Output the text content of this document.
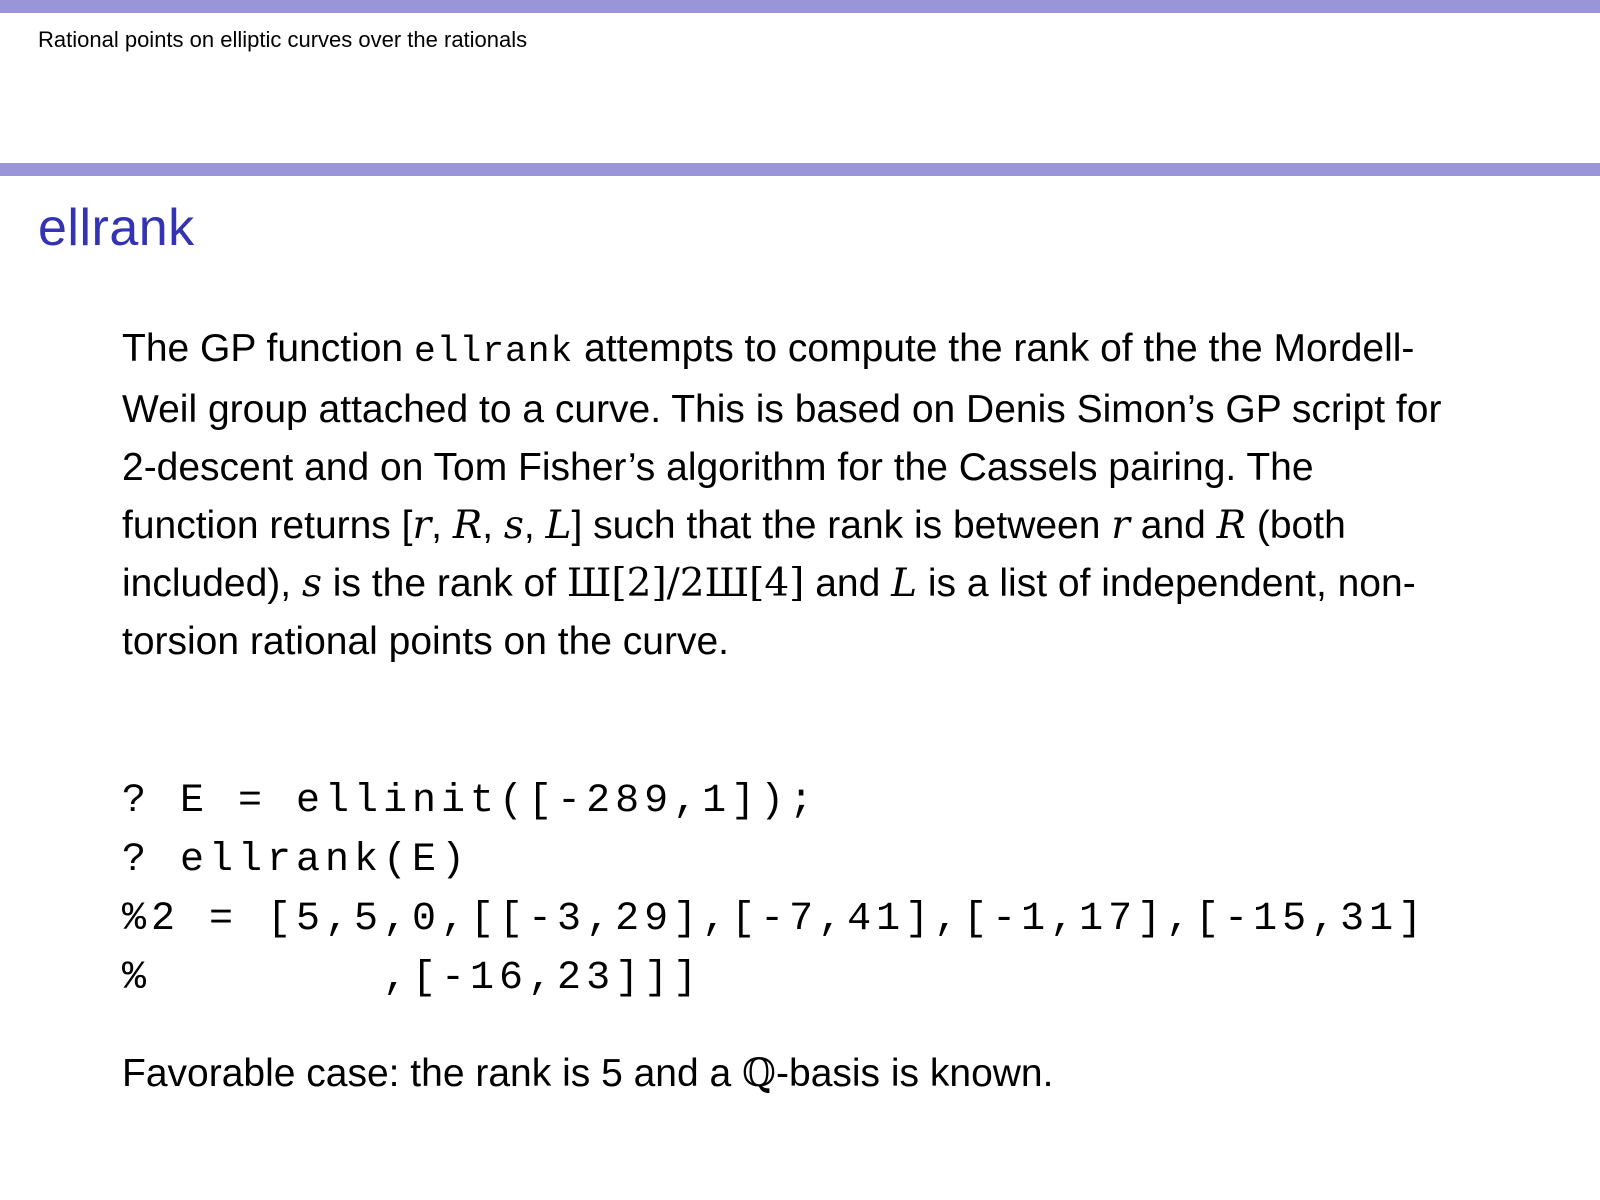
Rational points on elliptic curves over the rationals
ellrank

The GP function ellrank attempts to compute the rank of the the Mordell-Weil group attached to a curve. This is based on Denis Simon’s GP script for 2-descent and on Tom Fisher’s algorithm for the Cassels pairing. The function returns [r, R, s, L] such that the rank is between r and R (both included), s is the rank of Ш[2]/2Ш[4] and L is a list of independent, non-torsion rational points on the curve.

? E = ellinit([-289,1]);
? ellrank(E)
%2 = [5,5,0,[[-3,29],[-7,41],[-1,17],[-15,31]
%        ,[-16,23]]]

Favorable case: the rank is 5 and a ℚ-basis is known.
